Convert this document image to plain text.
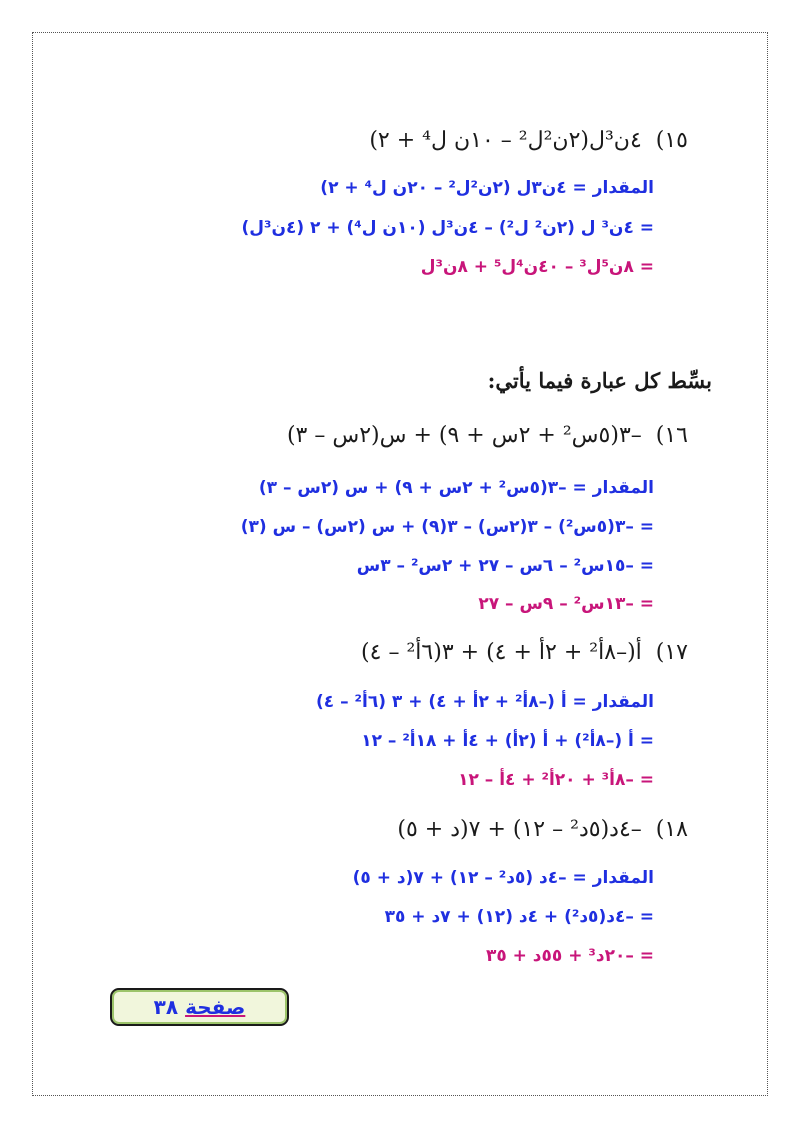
١٥)  ٤ن³ل(٢ن²ل² – ١٠ن ل⁴ + ٢)
المقدار = ٤ن٣ل (٢ن²ل² – ٢٠ن ل⁴ + ٢)
= ٤ن³ ل (٢ن² ل²) – ٤ن³ل (١٠ن ل⁴) + ٢ (٤ن³ل)
= ٨ن⁵ل³ – ٤٠ن⁴ل⁵ + ٨ن³ل
بسِّط كل عبارة فيما يأتي:
١٦)  –٣(٥س² + ٢س + ٩) + س(٢س – ٣)
المقدار = –٣(٥س² + ٢س + ٩) + س (٢س – ٣)
= –٣(٥س²) – ٣(٢س) – ٣(٩) + س (٢س) – س (٣)
= –١٥س² – ٦س – ٢٧ + ٢س² – ٣س
= –١٣س² – ٩س – ٢٧
١٧)  أ(–٨أ² + ٢أ + ٤) + ٣(٦أ² – ٤)
المقدار = أ (–٨أ² + ٢أ + ٤) + ٣ (٦أ² – ٤)
= أ (–٨أ²) + أ (٢أ) + ٤أ + ١٨أ² – ١٢
= –٨أ³ + ٢٠أ² + ٤أ – ١٢
١٨)  –٤د(٥د² – ١٢) + ٧(د + ٥)
المقدار = –٤د (٥د² – ١٢) + ٧(د + ٥)
= –٤د(٥د²) + ٤د (١٢) + ٧د + ٣٥
= –٢٠د³ + ٥٥د + ٣٥
صفحة ٣٨
